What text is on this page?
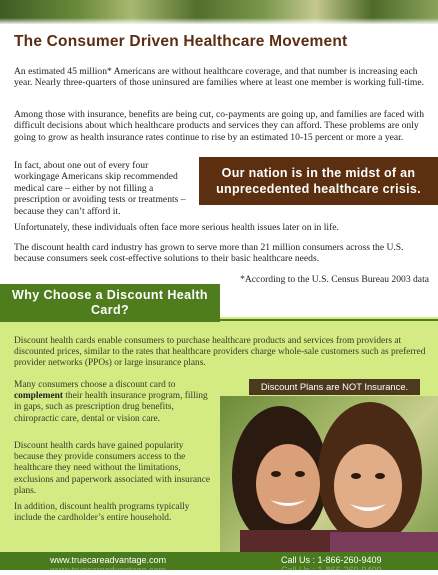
The Consumer Driven Healthcare Movement

An estimated 45 million* Americans are without healthcare coverage, and that number is increasing each year. Nearly three-quarters of those uninsured are families where at least one member is working full-time.

Among those with insurance, benefits are being cut, co-payments are going up, and families are faced with difficult decisions about which healthcare products and services they can afford. These problems are only going to grow as health insurance rates continue to rise by an estimated 10-15 percent or more a year.

In fact, about one out of every four workingage Americans skip recommended medical care – either by not filling a prescription or avoiding tests or treatments – because they can’t afford it.

Our nation is in the midst of an unprecedented healthcare crisis.

Unfortunately, these individuals often face more serious health issues later on in life.

The discount health card industry has grown to serve more than 21 million consumers across the U.S. because consumers seek cost-effective solutions to their basic healthcare needs.

*According to the U.S. Census Bureau 2003 data

Why Choose a Discount Health Card?

Discount health cards enable consumers to purchase healthcare products and services from providers at discounted prices, similar to the rates that healthcare providers charge whole-sale customers such as preferred provider networks (PPOs) or large insurance plans.

Many consumers choose a discount card to complement their health insurance program, filling in gaps, such as prescription drug benefits, chiropractic care, dental or vision care.

Discount health cards have gained popularity because they provide consumers access to the healthcare they need without the limitations, exclusions and paperwork associated with insurance plans.

In addition, discount health programs typically include the cardholder’s entire household.

Discount Plans are NOT Insurance.
www.truecareadvantage.com	Call Us : 1-866-260-9409
www.truecareadvantage.com	Call Us : 1-866-260-9409
